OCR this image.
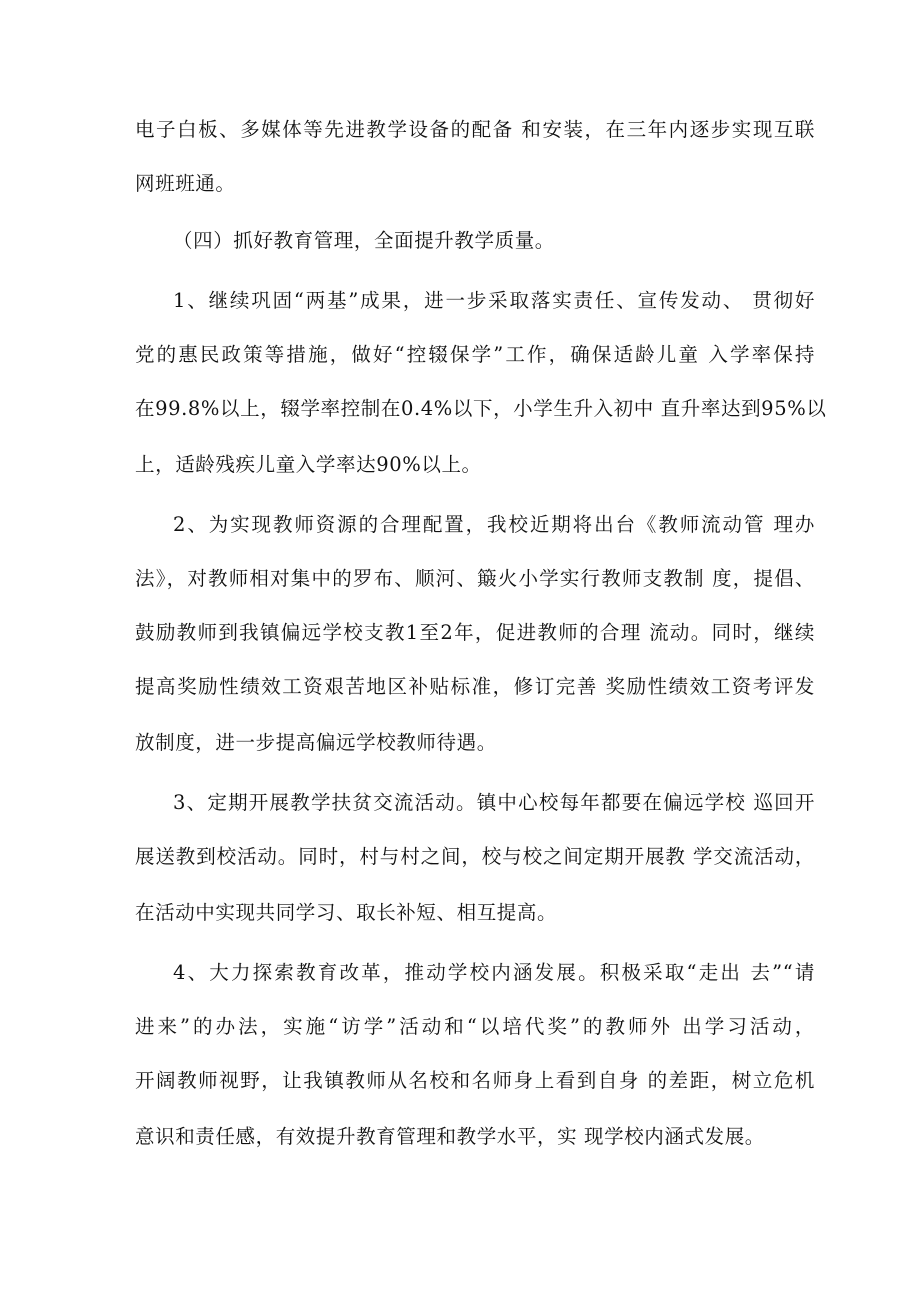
电子白板、多媒体等先进教学设备的配备 和安装，在三年内逐步实现互联
网班班通。
（四）抓好教育管理，全面提升教学质量。
1、继续巩固“两基”成果，进一步采取落实责任、宣传发动、 贯彻好
党的惠民政策等措施，做好“控辍保学”工作，确保适龄儿童 入学率保持
在99.8%以上，辍学率控制在0.4%以下，小学生升入初中 直升率达到95%以
上，适龄残疾儿童入学率达90%以上。
2、为实现教师资源的合理配置，我校近期将出台《教师流动管 理办
法》，对教师相对集中的罗布、顺河、簸火小学实行教师支教制 度，提倡、
鼓励教师到我镇偏远学校支教1至2年，促进教师的合理 流动。同时，继续
提高奖励性绩效工资艰苦地区补贴标准，修订完善 奖励性绩效工资考评发
放制度，进一步提高偏远学校教师待遇。
3、定期开展教学扶贫交流活动。镇中心校每年都要在偏远学校 巡回开
展送教到校活动。同时，村与村之间，校与校之间定期开展教 学交流活动，
在活动中实现共同学习、取长补短、相互提高。
4、大力探索教育改革，推动学校内涵发展。积极采取“走出 去”“请
进来”的办法，实施“访学”活动和“以培代奖”的教师外 出学习活动，
开阔教师视野，让我镇教师从名校和名师身上看到自身 的差距，树立危机
意识和责任感，有效提升教育管理和教学水平，实 现学校内涵式发展。
